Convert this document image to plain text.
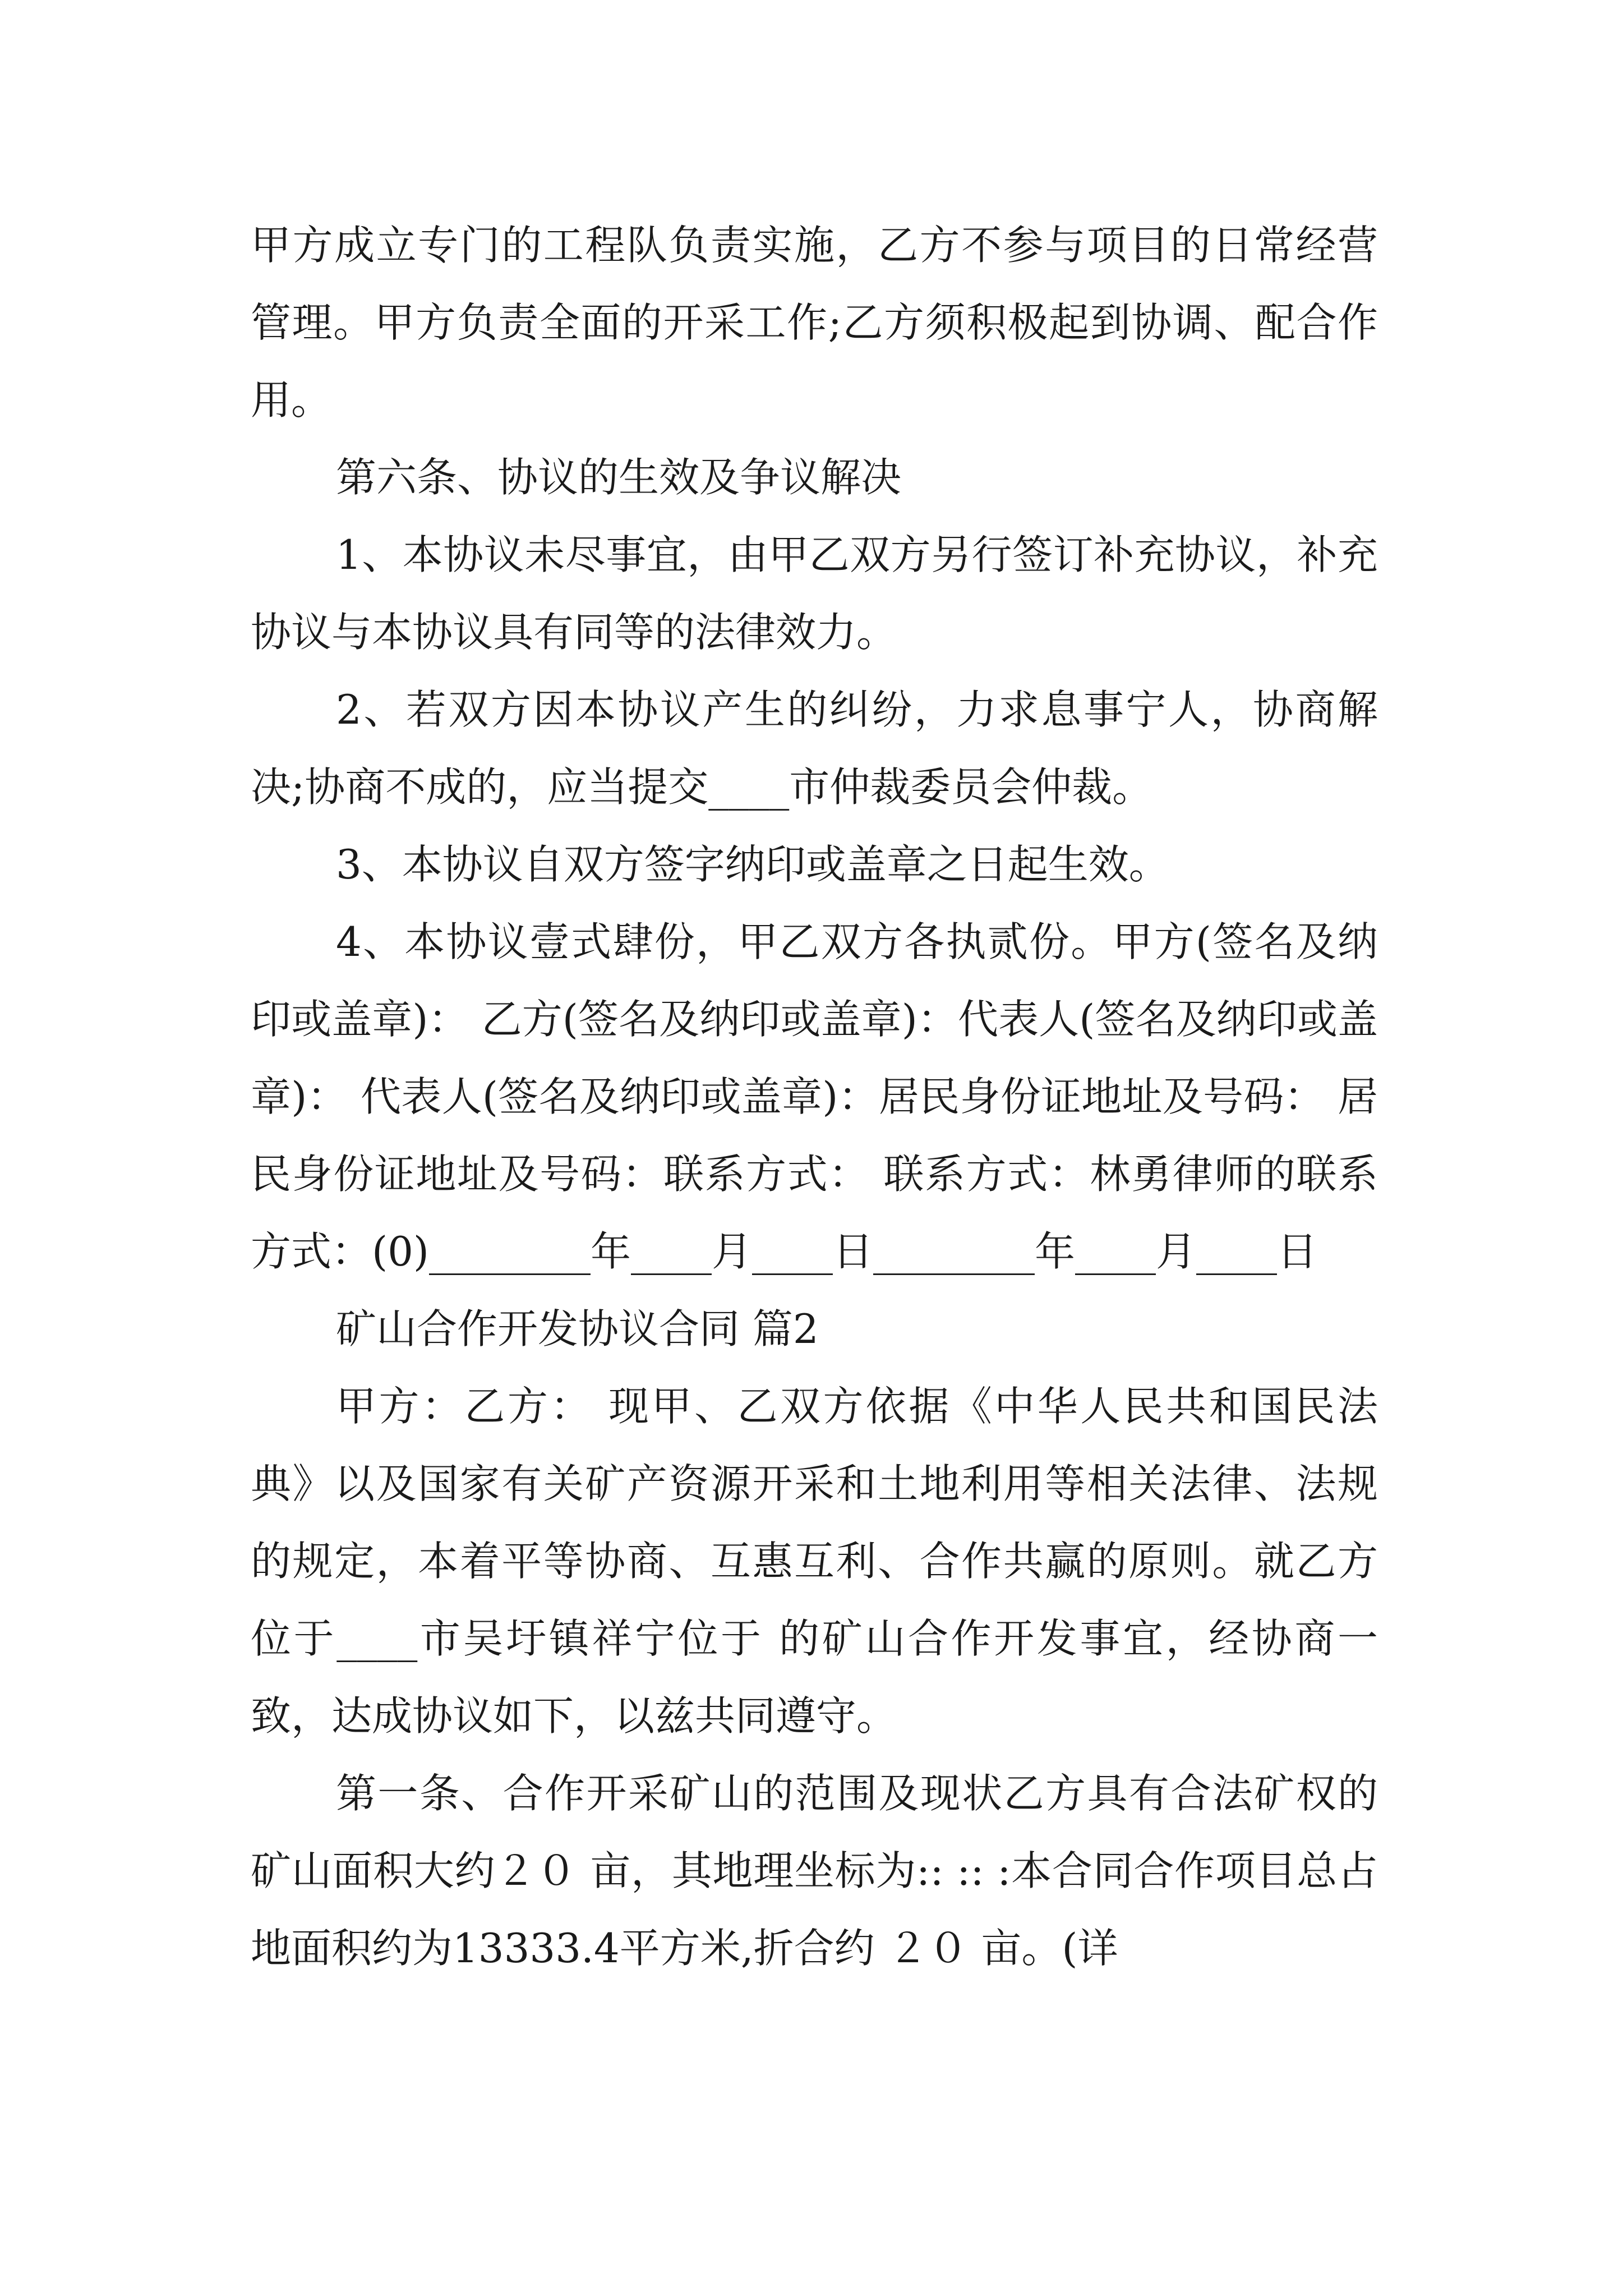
甲方成立专门的工程队负责实施，乙方不参与项目的日常经营管理。甲方负责全面的开采工作;乙方须积极起到协调、配合作用。

第六条、协议的生效及争议解决

1、本协议未尽事宜，由甲乙双方另行签订补充协议，补充协议与本协议具有同等的法律效力。

2、若双方因本协议产生的纠纷，力求息事宁人，协商解决;协商不成的，应当提交____市仲裁委员会仲裁。

3、本协议自双方签字纳印或盖章之日起生效。

4、本协议壹式肆份，甲乙双方各执贰份。甲方(签名及纳印或盖章)： 乙方(签名及纳印或盖章)：代表人(签名及纳印或盖章)： 代表人(签名及纳印或盖章)：居民身份证地址及号码： 居民身份证地址及号码：联系方式： 联系方式：林勇律师的联系方式：(0)________年____月____日________年____月____日

矿山合作开发协议合同 篇2

甲方：乙方： 现甲、乙双方依据《中华人民共和国民法典》以及国家有关矿产资源开采和土地利用等相关法律、法规的规定，本着平等协商、互惠互利、合作共赢的原则。就乙方位于____市吴圩镇祥宁位于 的矿山合作开发事宜，经协商一致，达成协议如下，以兹共同遵守。

第一条、合作开采矿山的范围及现状乙方具有合法矿权的矿山面积大约２０ 亩，其地理坐标为:: :: :本合同合作项目总占地面积约为13333.4平方米,折合约 ２０ 亩。(详
